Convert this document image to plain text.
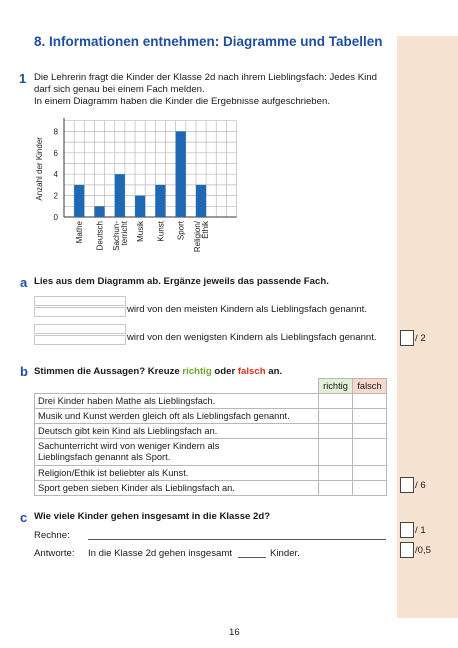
8. Informationen entnehmen: Diagramme und Tabellen
1 Die Lehrerin fragt die Kinder der Klasse 2d nach ihrem Lieblingsfach: Jedes Kind
darf sich genau bei einem Fach melden.
In einem Diagramm haben die Kinder die Ergebnisse aufgeschrieben.
0
2
4
6
8
Anzahl der Kinder
Mathe Deutsch Sachun-terricht Musik Kunst Sport Religion/Ethik
a Lies aus dem Diagramm ab. Ergänze jeweils das passende Fach.
wird von den meisten Kindern als Lieblingsfach genannt.
wird von den wenigsten Kindern als Lieblingsfach genannt.	/ 2
b Stimmen die Aussagen? Kreuze richtig oder falsch an.
	richtig	falsch
Drei Kinder haben Mathe als Lieblingsfach.		
Musik und Kunst werden gleich oft als Lieblingsfach genannt.		
Deutsch gibt kein Kind als Lieblingsfach an.		
Sachunterricht wird von weniger Kindern als
Lieblingsfach genannt als Sport.		
Religion/Ethik ist beliebter als Kunst.		
Sport geben sieben Kinder als Lieblingsfach an.			/ 6
c Wie viele Kinder gehen insgesamt in die Klasse 2d?
Rechne:	/ 1
Antworte: In die Klasse 2d gehen insgesamt	Kinder.	/0,5
16
